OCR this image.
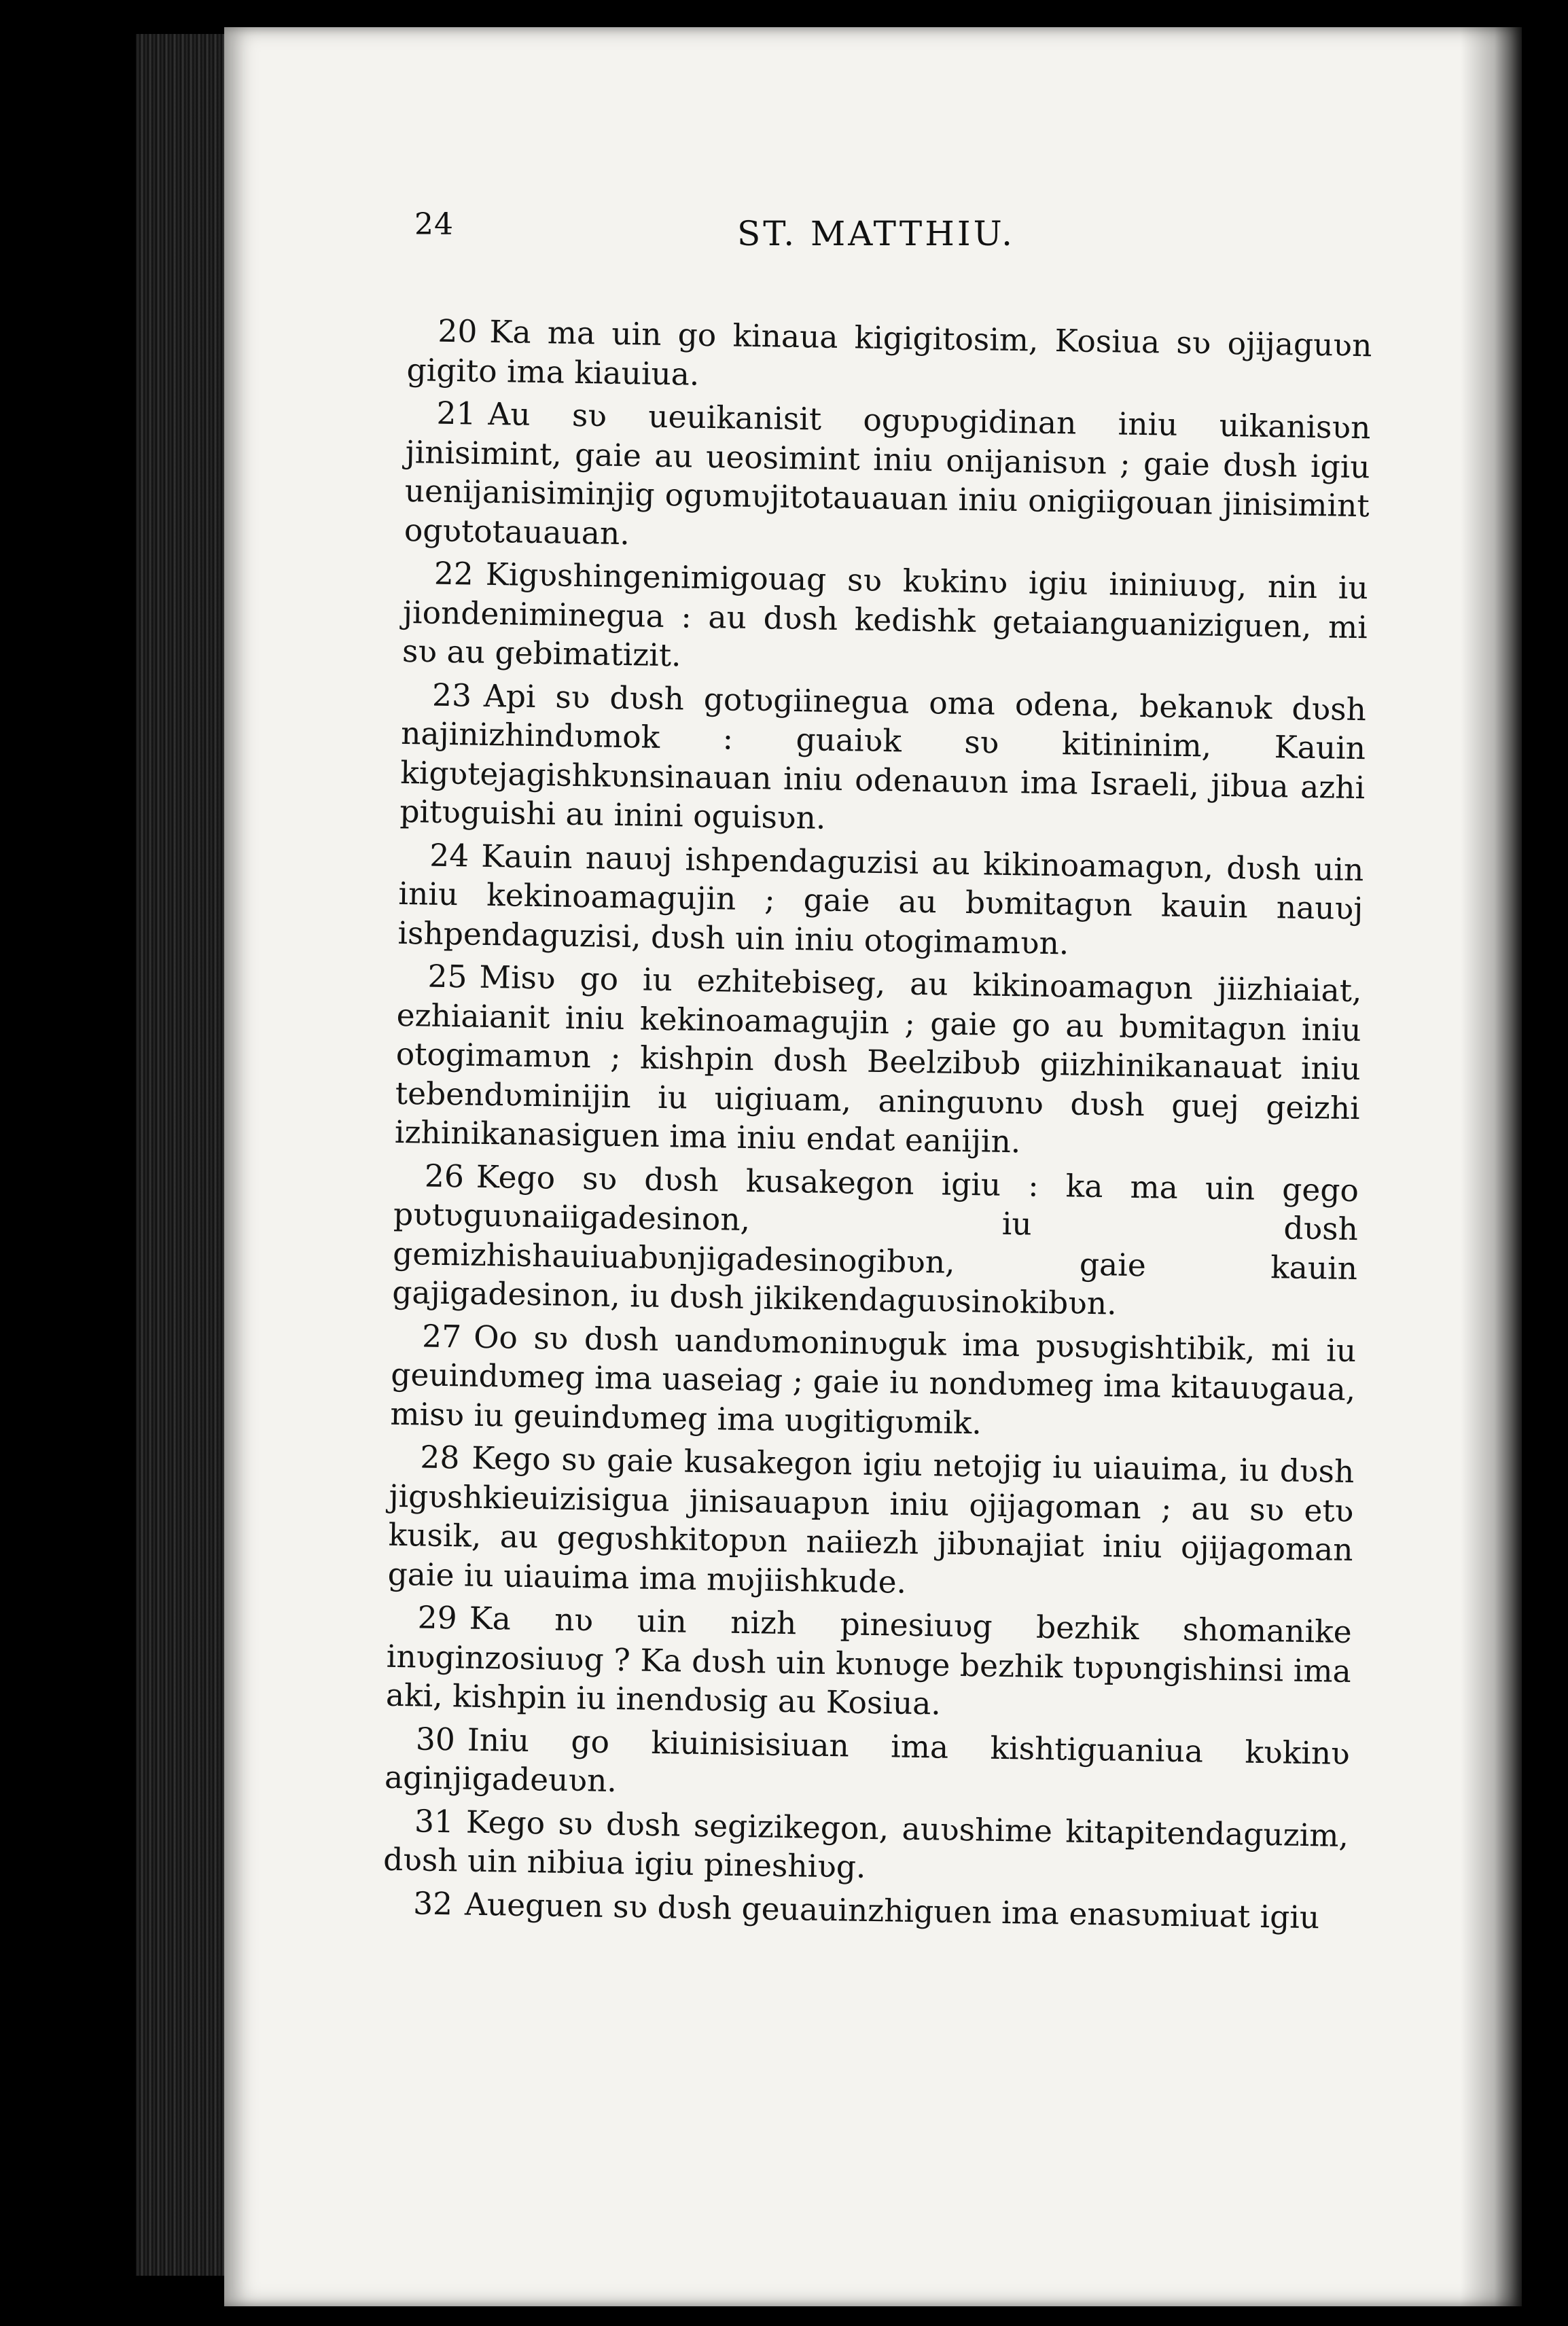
24	ST. MATTHIU.

20 Ka ma uin go kinaua kigigitosim, Kosiua sʋ ojijaguʋn gigito ima kiauiua.

21 Au sʋ ueuikanisit ogʋpʋgidinan iniu uikanisʋn jinisimint, gaie au ueosimint iniu onijanisʋn ; gaie dʋsh igiu uenijanisiminjig ogʋmʋjitotauauan iniu onigiigouan jinisimint ogʋtotauauan.

22 Kigʋshingenimigouag sʋ kʋkinʋ igiu ininiuʋg, nin iu jiondeniminegua : au dʋsh kedishk getaianguaniziguen, mi sʋ au gebimatizit.

23 Api sʋ dʋsh gotʋgiinegua oma odena, bekanʋk dʋsh najinizhindʋmok : guaiʋk sʋ kitininim, Kauin kigʋtejagishkʋnsinauan iniu odenauʋn ima Israeli, jibua azhi pitʋguishi au inini oguisʋn.

24 Kauin nauʋj ishpendaguzisi au kikinoamagʋn, dʋsh uin iniu kekinoamagujin ; gaie au bʋmitagʋn kauin nauʋj ishpendaguzisi, dʋsh uin iniu otogimamʋn.

25 Misʋ go iu ezhitebiseg, au kikinoamagʋn jiizhiaiat, ezhiaianit iniu kekinoamagujin ; gaie go au bʋmitagʋn iniu otogimamʋn ; kishpin dʋsh Beelzibʋb giizhinikanauat iniu tebendʋminijin iu uigiuam, aninguʋnʋ dʋsh guej geizhi izhinikanasiguen ima iniu endat eanijin.

26 Kego sʋ dʋsh kusakegon igiu : ka ma uin gego pʋtʋguʋnaiigadesinon, iu dʋsh gemizhishauiuabʋnjigadesinogibʋn, gaie kauin gajigadesinon, iu dʋsh jikikendaguʋsinokibʋn.

27 Oo sʋ dʋsh uandʋmoninʋguk ima pʋsʋgishtibik, mi iu geuindʋmeg ima uaseiag ; gaie iu nondʋmeg ima kitauʋgaua, misʋ iu geuindʋmeg ima uʋgitigʋmik.

28 Kego sʋ gaie kusakegon igiu netojig iu uiauima, iu dʋsh jigʋshkieuizisigua jinisauapʋn iniu ojijagoman ; au sʋ etʋ kusik, au gegʋshkitopʋn naiiezh jibʋnajiat iniu ojijagoman gaie iu uiauima ima mʋjiishkude.

29 Ka nʋ uin nizh pinesiuʋg bezhik shomanike inʋginzosiuʋg ? Ka dʋsh uin kʋnʋge bezhik tʋpʋngishinsi ima aki, kishpin iu inendʋsig au Kosiua.

30 Iniu go kiuinisisiuan ima kishtiguaniua kʋkinʋ aginjigadeuʋn.

31 Kego sʋ dʋsh segizikegon, auʋshime kitapitendaguzim, dʋsh uin nibiua igiu pineshiʋg.

32 Aueguen sʋ dʋsh geuauinzhiguen ima enasʋmiuat igiu
